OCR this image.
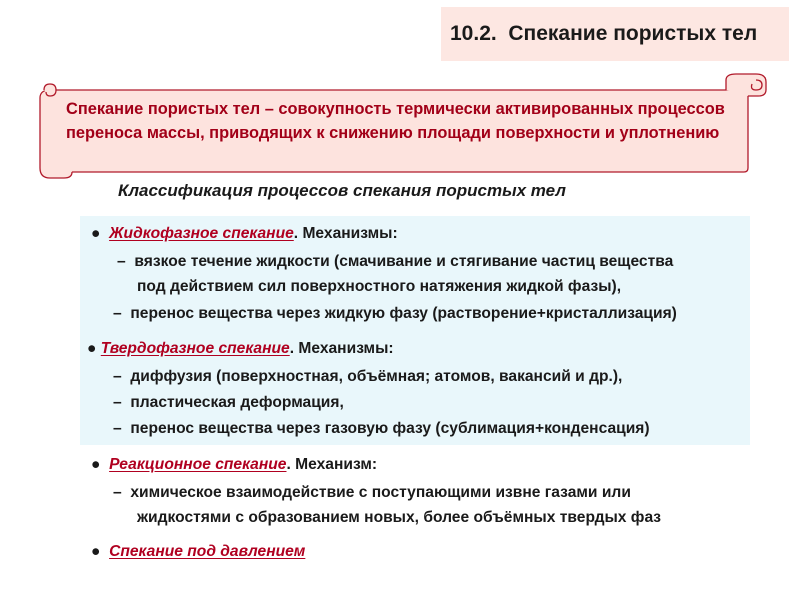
10.2.  Спекание пористых тел
Спекание пористых тел – совокупность термически активированных процессов
переноса массы, приводящих к снижению площади поверхности и уплотнению
Классификация процессов спекания пористых тел
● Жидкофазное спекание. Механизмы:
– вязкое течение жидкости (смачивание и стягивание частиц вещества
под действием сил поверхностного натяжения жидкой фазы),
– перенос вещества через жидкую фазу (растворение+кристаллизация)
● Твердофазное спекание. Механизмы:
– диффузия (поверхностная, объёмная; атомов, вакансий и др.),
– пластическая деформация,
– перенос вещества через газовую фазу (сублимация+конденсация)
● Реакционное спекание. Механизм:
– химическое взаимодействие с поступающими извне газами или
жидкостями с образованием новых, более объёмных твердых фаз
● Спекание под давлением
